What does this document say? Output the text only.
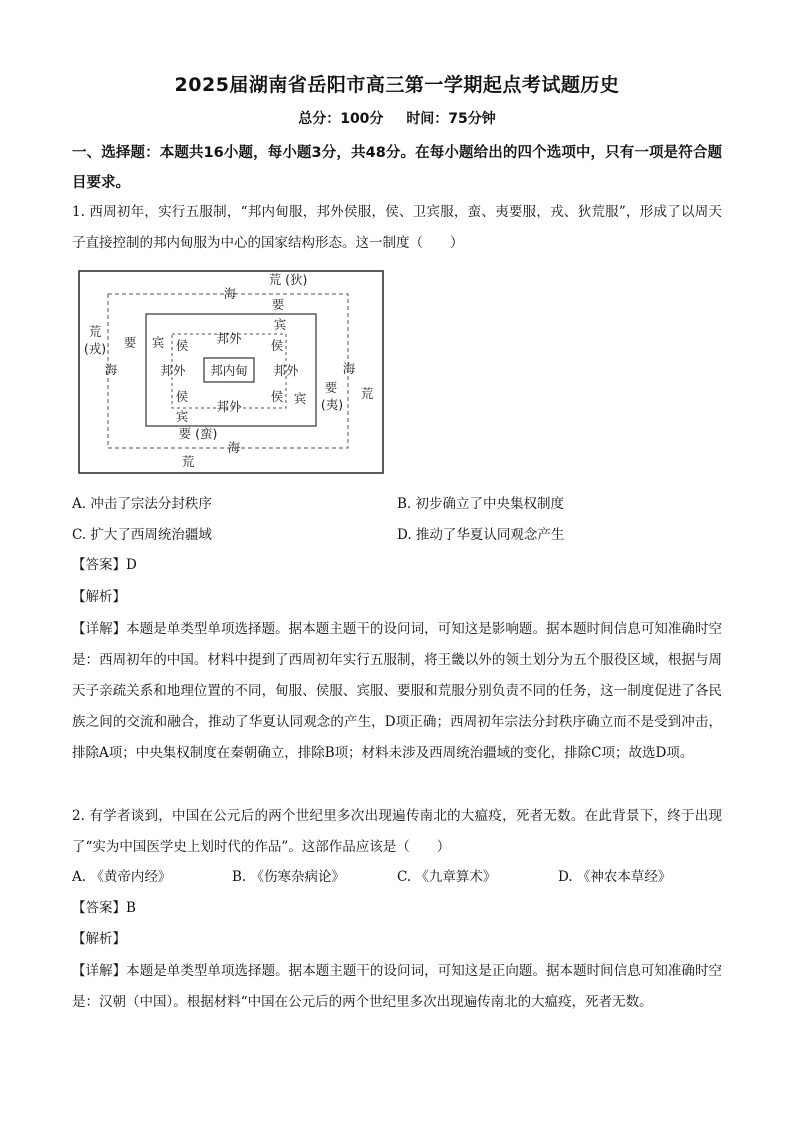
2025届湖南省岳阳市高三第一学期起点考试题历史
总分：100分 时间：75分钟
一、选择题：本题共16小题，每小题3分，共48分。在每小题给出的四个选项中，只有一项是符合题目要求。
1. 西周初年，实行五服制，“邦内甸服，邦外侯服，侯、卫宾服，蛮、夷要服，戎、狄荒服”，形成了以周天子直接控制的邦内甸服为中心的国家结构形态。这一制度（　　）
邦内甸
邦外
邦外	邦外
邦外
侯	侯
侯	侯
宾
宾
宾
宾
要
要
要
(夷)
要 (蛮)
海
海	海
海
荒 (狄)
荒
(戎)
荒
荒
A. 冲击了宗法分封秩序	B. 初步确立了中央集权制度
C. 扩大了西周统治疆域	D. 推动了华夏认同观念产生
【答案】D
【解析】
【详解】本题是单类型单项选择题。据本题主题干的设问词，可知这是影响题。据本题时间信息可知准确时空是：西周初年的中国。材料中提到了西周初年实行五服制，将王畿以外的领土划分为五个服役区域，根据与周天子亲疏关系和地理位置的不同，甸服、侯服、宾服、要服和荒服分别负责不同的任务，这一制度促进了各民族之间的交流和融合，推动了华夏认同观念的产生，D项正确；西周初年宗法分封秩序确立而不是受到冲击，排除A项；中央集权制度在秦朝确立，排除B项；材料未涉及西周统治疆域的变化，排除C项；故选D项。
2. 有学者谈到，中国在公元后的两个世纪里多次出现遍传南北的大瘟疫，死者无数。在此背景下，终于出现了“实为中国医学史上划时代的作品”。这部作品应该是（　　）
A. 《黄帝内经》	B. 《伤寒杂病论》	C. 《九章算术》	D. 《神农本草经》
【答案】B
【解析】
【详解】本题是单类型单项选择题。据本题主题干的设问词，可知这是正向题。据本题时间信息可知准确时空是：汉朝（中国）。根据材料“中国在公元后的两个世纪里多次出现遍传南北的大瘟疫，死者无数。
